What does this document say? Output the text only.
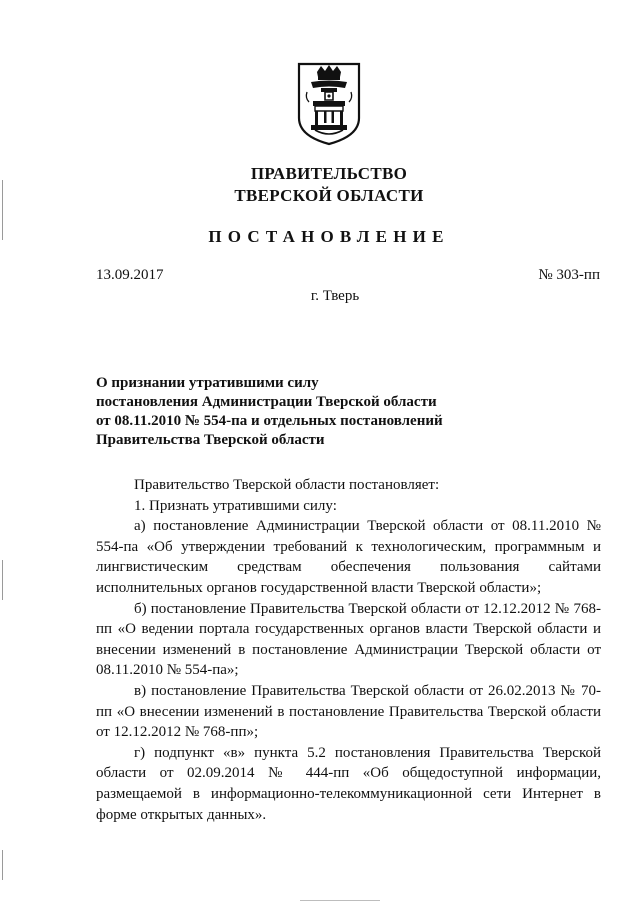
ПРАВИТЕЛЬСТВО
ТВЕРСКОЙ ОБЛАСТИ
ПОСТАНОВЛЕНИЕ
13.09.2017	№ 303-пп
г. Тверь
О признании утратившими силу
постановления Администрации Тверской области
от 08.11.2010 № 554-па и отдельных постановлений
Правительства Тверской области

Правительство Тверской области постановляет:

1. Признать утратившими силу:

а) постановление Администрации Тверской области от 08.11.2010 № 554-па «Об утверждении требований к технологическим, программным и лингвистическим средствам обеспечения пользования сайтами исполнительных органов государственной власти Тверской области»;

б) постановление Правительства Тверской области от 12.12.2012 № 768-пп «О ведении портала государственных органов власти Тверской области и внесении изменений в постановление Администрации Тверской области от 08.11.2010 № 554-па»;

в) постановление Правительства Тверской области от 26.02.2013 № 70-пп «О внесении изменений в постановление Правительства Тверской области от 12.12.2012 № 768-пп»;

г) подпункт «в» пункта 5.2 постановления Правительства Тверской области от 02.09.2014 № 444-пп «Об общедоступной информации, размещаемой в информационно-телекоммуникационной сети Интернет в форме открытых данных».
